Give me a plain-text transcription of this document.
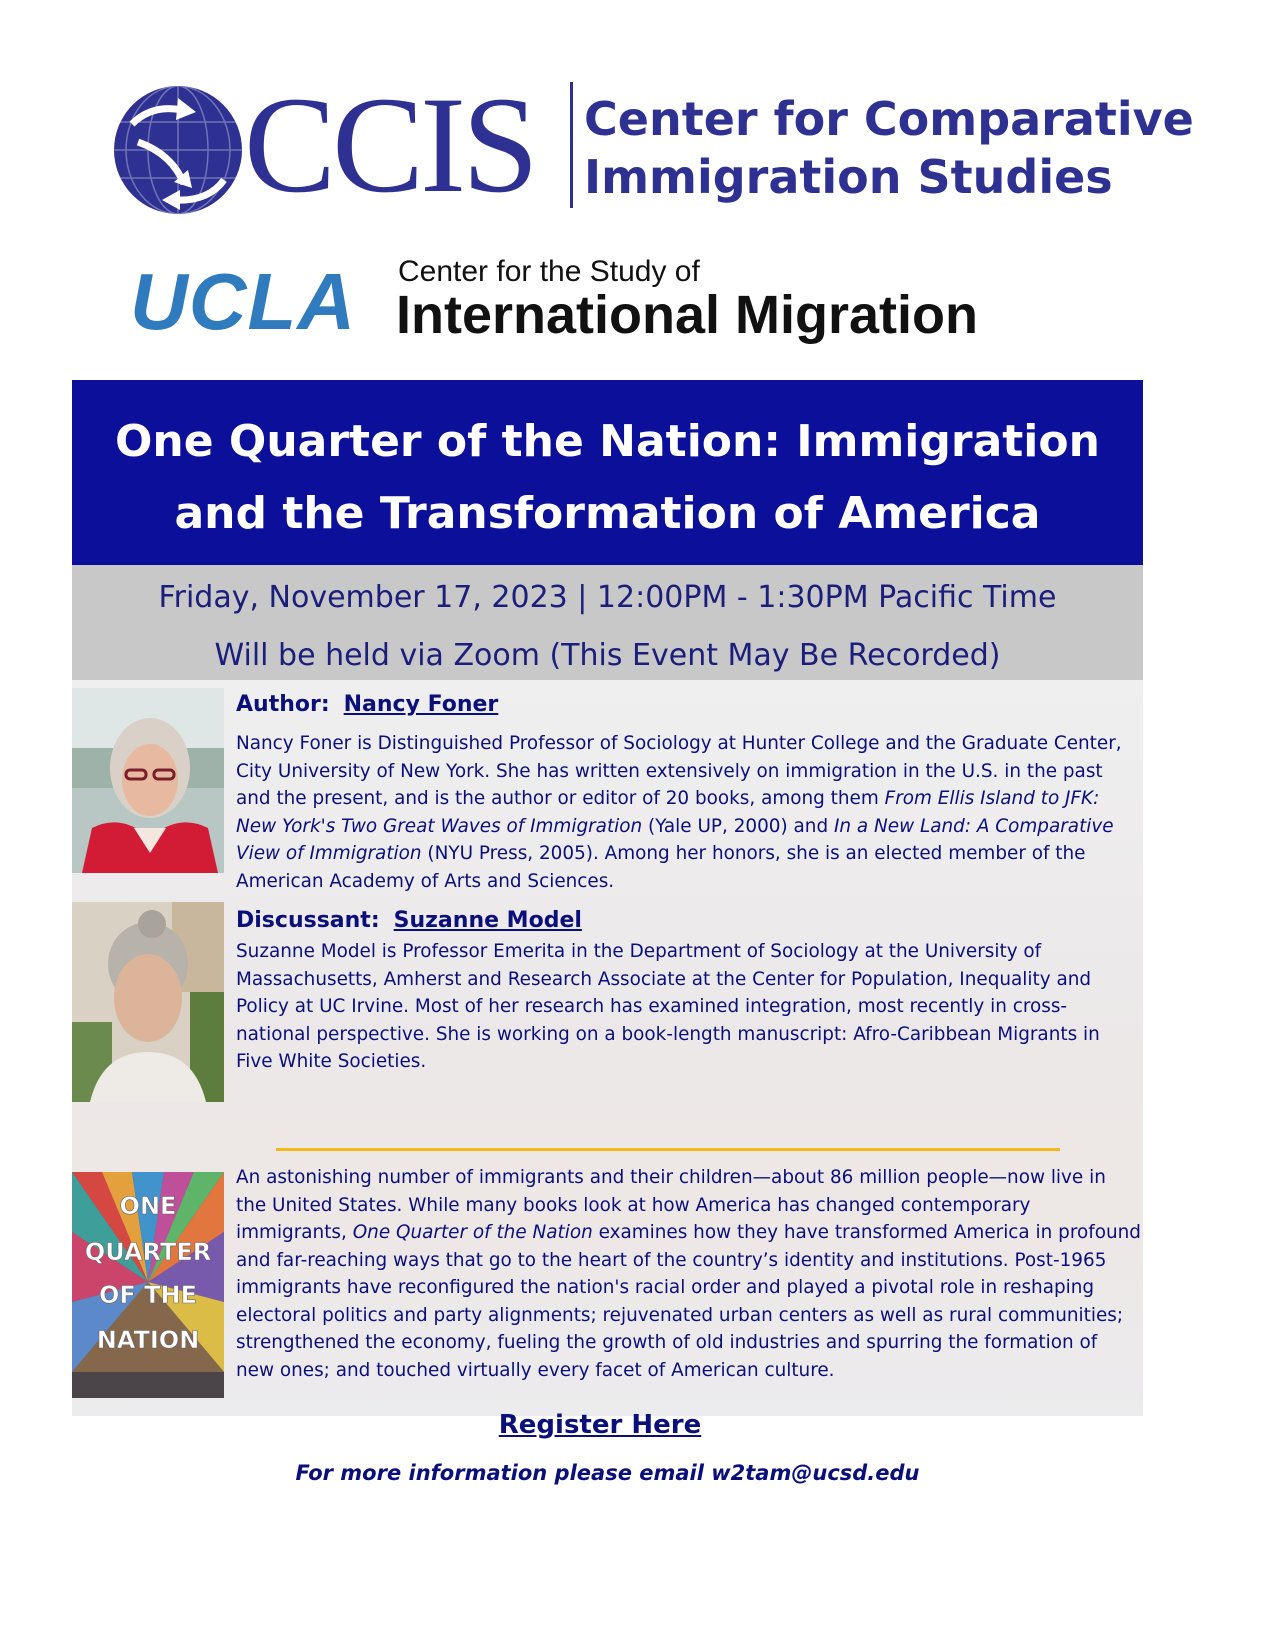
CCIS Center for Comparative
Immigration Studies
UCLA Center for the Study of
International Migration
One Quarter of the Nation: Immigration
and the Transformation of America
Friday, November 17, 2023 | 12:00PM - 1:30PM Pacific Time
Will be held via Zoom (This Event May Be Recorded)
Author: Nancy Foner
Nancy Foner is Distinguished Professor of Sociology at Hunter College and the Graduate Center, City University of New York. She has written extensively on immigration in the U.S. in the past and the present, and is the author or editor of 20 books, among them From Ellis Island to JFK: New York's Two Great Waves of Immigration (Yale UP, 2000) and In a New Land: A Comparative View of Immigration (NYU Press, 2005). Among her honors, she is an elected member of the American Academy of Arts and Sciences.
Discussant: Suzanne Model
Suzanne Model is Professor Emerita in the Department of Sociology at the University of Massachusetts, Amherst and Research Associate at the Center for Population, Inequality and Policy at UC Irvine. Most of her research has examined integration, most recently in cross-national perspective. She is working on a book-length manuscript: Afro-Caribbean Migrants in Five White Societies.
ONE
QUARTER
OF THE
NATION
An astonishing number of immigrants and their children—about 86 million people—now live in the United States. While many books look at how America has changed contemporary immigrants, One Quarter of the Nation examines how they have transformed America in profound and far-reaching ways that go to the heart of the country’s identity and institutions. Post-1965 immigrants have reconfigured the nation's racial order and played a pivotal role in reshaping electoral politics and party alignments; rejuvenated urban centers as well as rural communities; strengthened the economy, fueling the growth of old industries and spurring the formation of new ones; and touched virtually every facet of American culture.
Register Here
For more information please email w2tam@ucsd.edu
